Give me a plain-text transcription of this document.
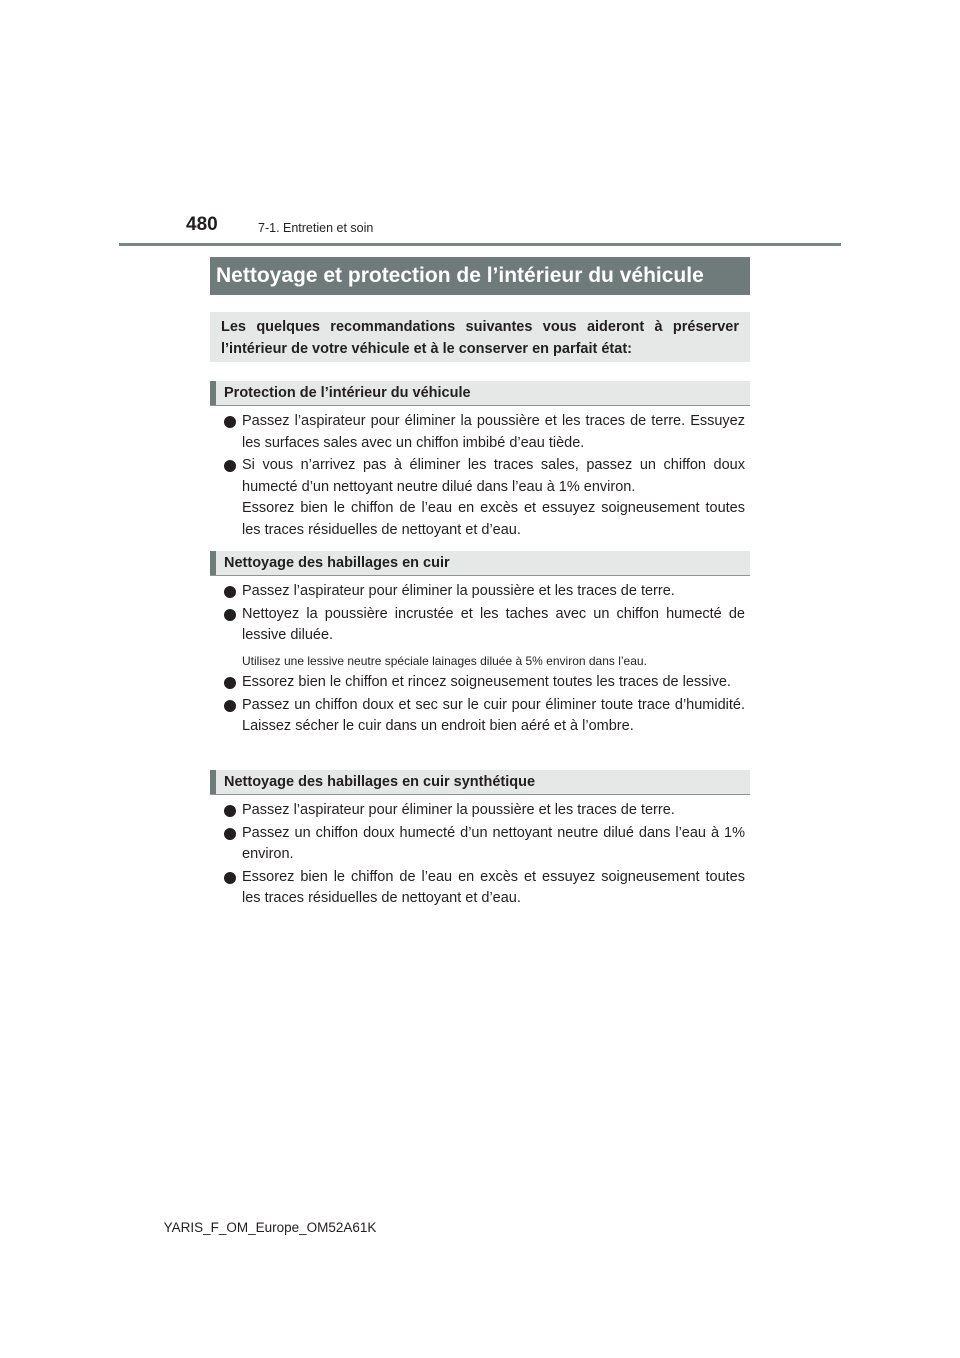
480	7-1. Entretien et soin
Nettoyage et protection de l’intérieur du véhicule
Les quelques recommandations suivantes vous aideront à préserver l’intérieur de votre véhicule et à le conserver en parfait état:
Protection de l’intérieur du véhicule
Passez l’aspirateur pour éliminer la poussière et les traces de terre. Essuyez les surfaces sales avec un chiffon imbibé d’eau tiède.
Si vous n’arrivez pas à éliminer les traces sales, passez un chiffon doux humecté d’un nettoyant neutre dilué dans l’eau à 1% environ.
Essorez bien le chiffon de l’eau en excès et essuyez soigneusement toutes les traces résiduelles de nettoyant et d’eau.
Nettoyage des habillages en cuir
Passez l’aspirateur pour éliminer la poussière et les traces de terre.
Nettoyez la poussière incrustée et les taches avec un chiffon humecté de lessive diluée.
Utilisez une lessive neutre spéciale lainages diluée à 5% environ dans l’eau.
Essorez bien le chiffon et rincez soigneusement toutes les traces de lessive.
Passez un chiffon doux et sec sur le cuir pour éliminer toute trace d’humidité. Laissez sécher le cuir dans un endroit bien aéré et à l’ombre.
Nettoyage des habillages en cuir synthétique
Passez l’aspirateur pour éliminer la poussière et les traces de terre.
Passez un chiffon doux humecté d’un nettoyant neutre dilué dans l’eau à 1% environ.
Essorez bien le chiffon de l’eau en excès et essuyez soigneusement toutes les traces résiduelles de nettoyant et d’eau.
YARIS_F_OM_Europe_OM52A61K
